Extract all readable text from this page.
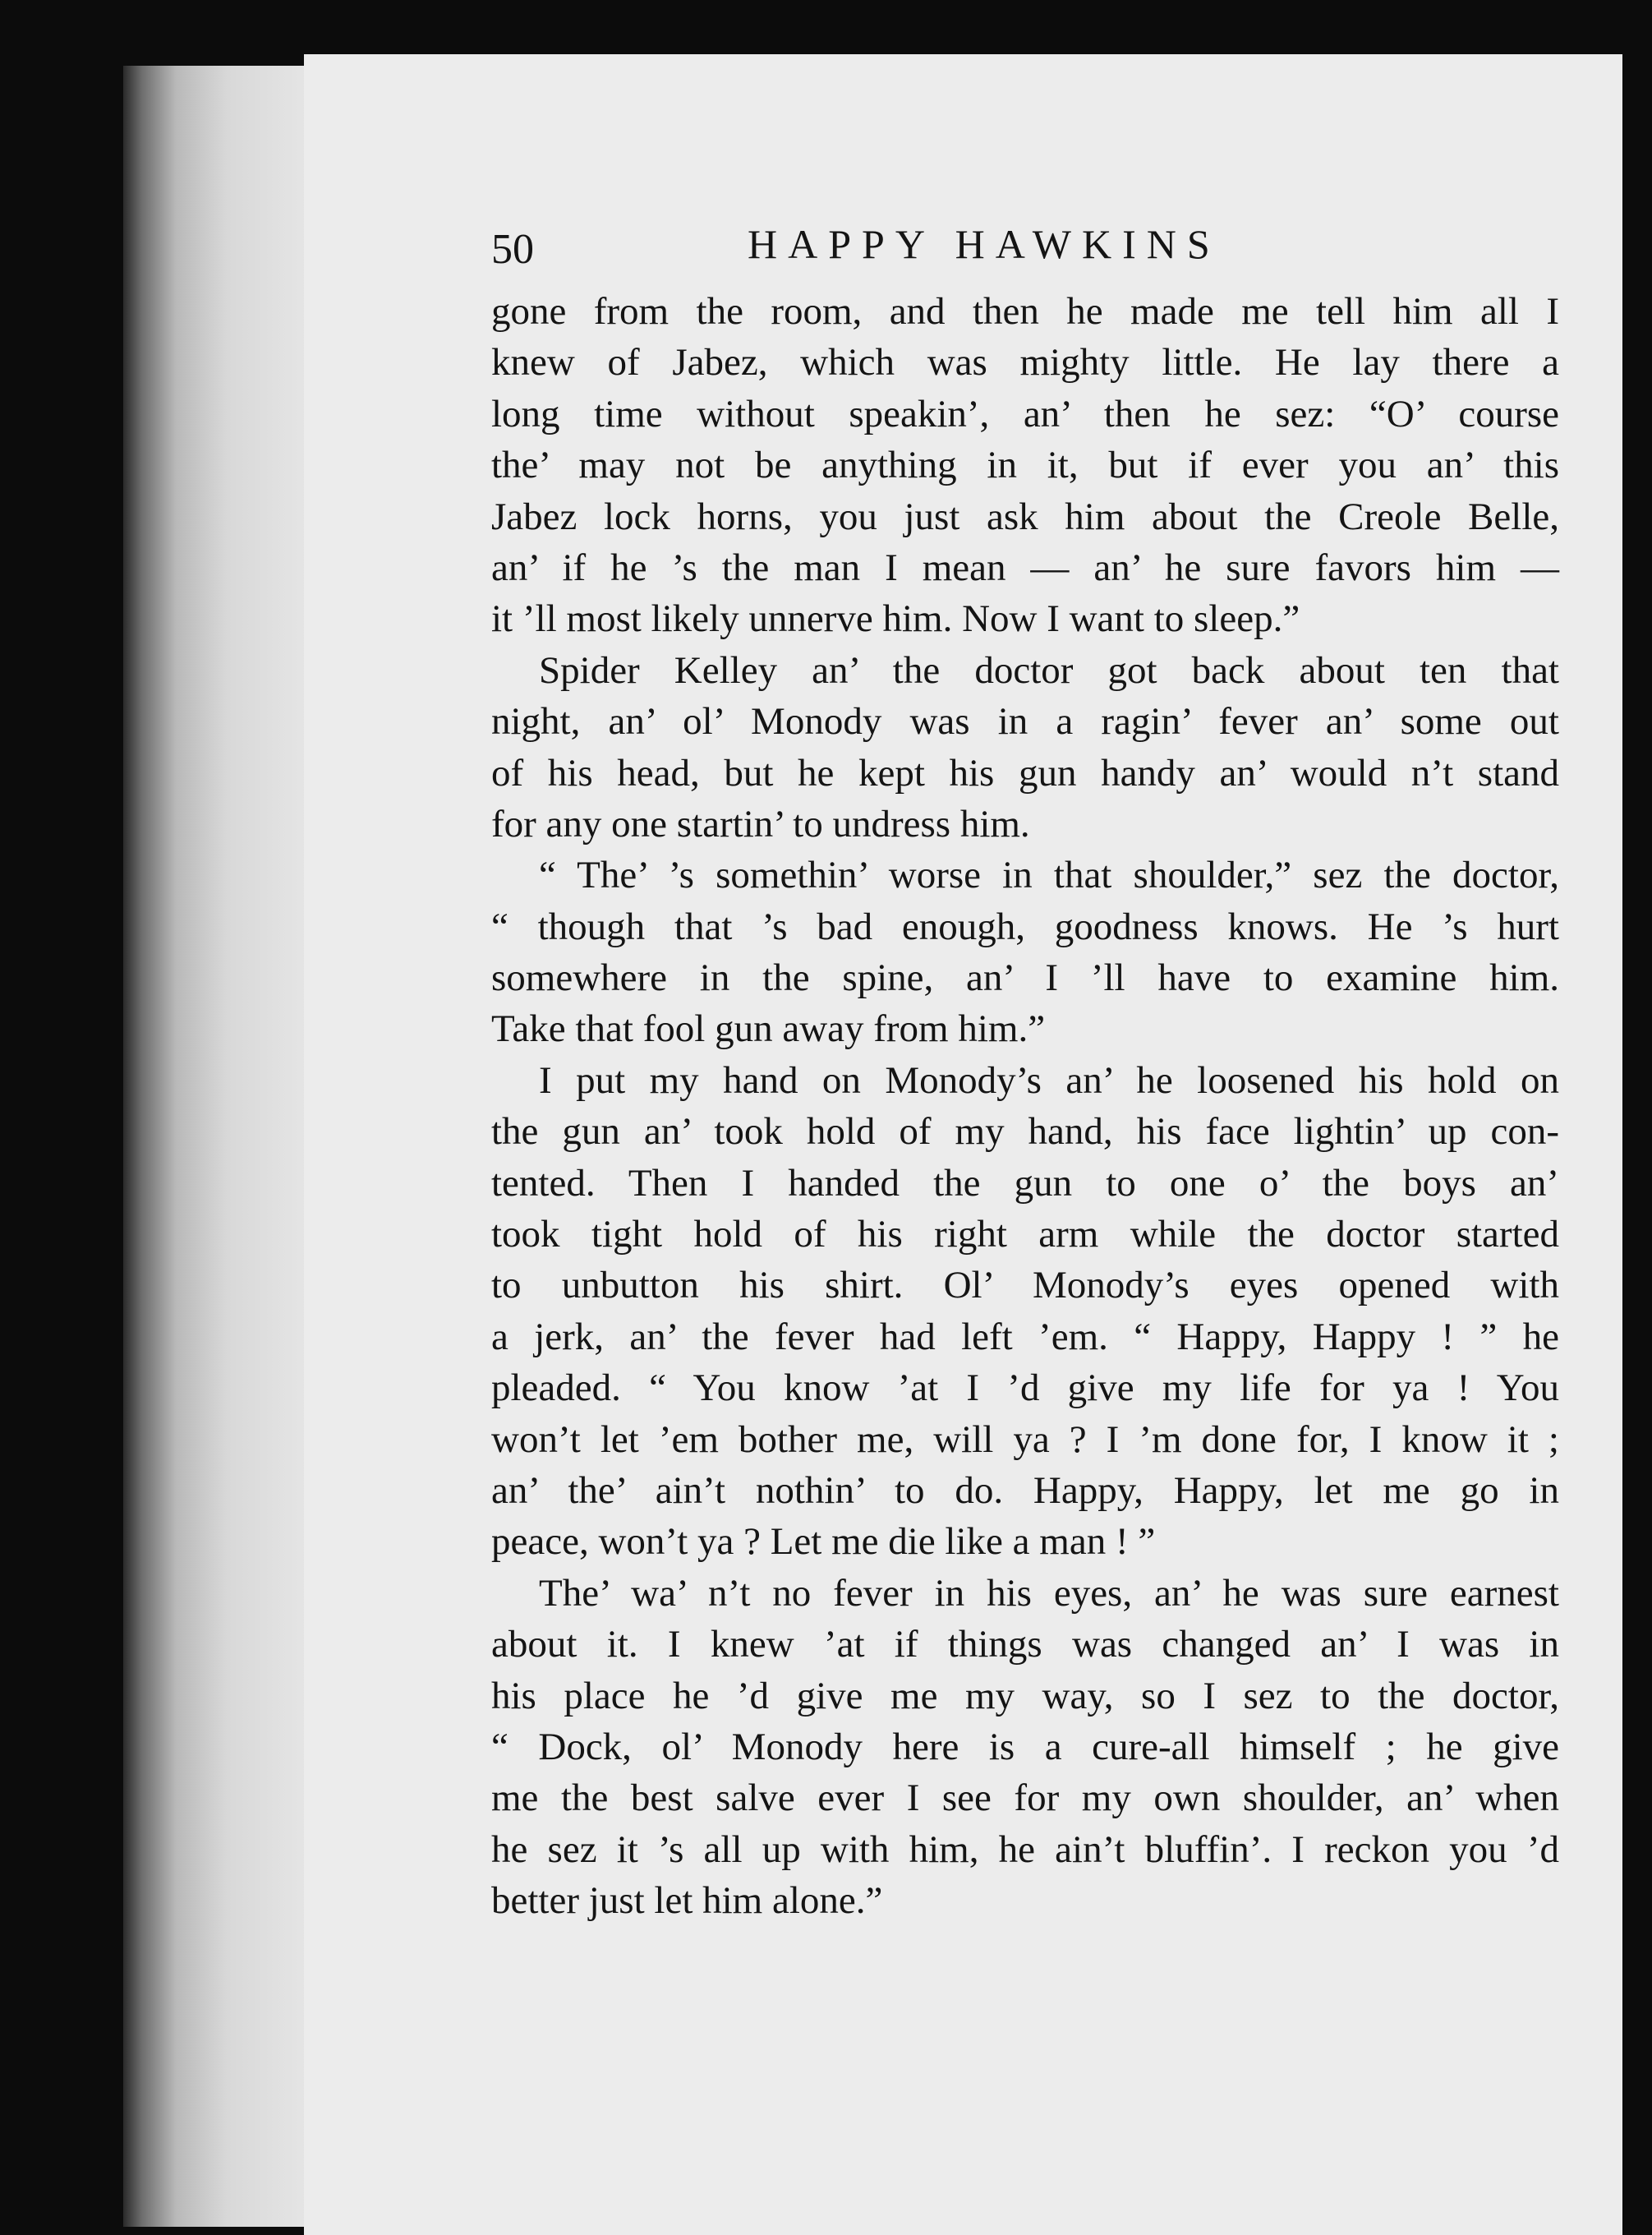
50	HAPPY HAWKINS
gone from the room, and then he made me tell him all I
knew of Jabez, which was mighty little. He lay there a
long time without speakin’, an’ then he sez: “O’ course
the’ may not be anything in it, but if ever you an’ this
Jabez lock horns, you just ask him about the Creole Belle,
an’ if he ’s the man I mean — an’ he sure favors him —
it ’ll most likely unnerve him. Now I want to sleep.”
Spider Kelley an’ the doctor got back about ten that
night, an’ ol’ Monody was in a ragin’ fever an’ some out
of his head, but he kept his gun handy an’ would n’t stand
for any one startin’ to undress him.
“ The’ ’s somethin’ worse in that shoulder,” sez the doctor,
“ though that ’s bad enough, goodness knows. He ’s hurt
somewhere in the spine, an’ I ’ll have to examine him.
Take that fool gun away from him.”
I put my hand on Monody’s an’ he loosened his hold on
the gun an’ took hold of my hand, his face lightin’ up con-
tented. Then I handed the gun to one o’ the boys an’
took tight hold of his right arm while the doctor started
to unbutton his shirt. Ol’ Monody’s eyes opened with
a jerk, an’ the fever had left ’em. “ Happy, Happy ! ” he
pleaded. “ You know ’at I ’d give my life for ya ! You
won’t let ’em bother me, will ya ? I ’m done for, I know it ;
an’ the’ ain’t nothin’ to do. Happy, Happy, let me go in
peace, won’t ya ? Let me die like a man ! ”
The’ wa’ n’t no fever in his eyes, an’ he was sure earnest
about it. I knew ’at if things was changed an’ I was in
his place he ’d give me my way, so I sez to the doctor,
“ Dock, ol’ Monody here is a cure-all himself ; he give
me the best salve ever I see for my own shoulder, an’ when
he sez it ’s all up with him, he ain’t bluffin’. I reckon you ’d
better just let him alone.”
